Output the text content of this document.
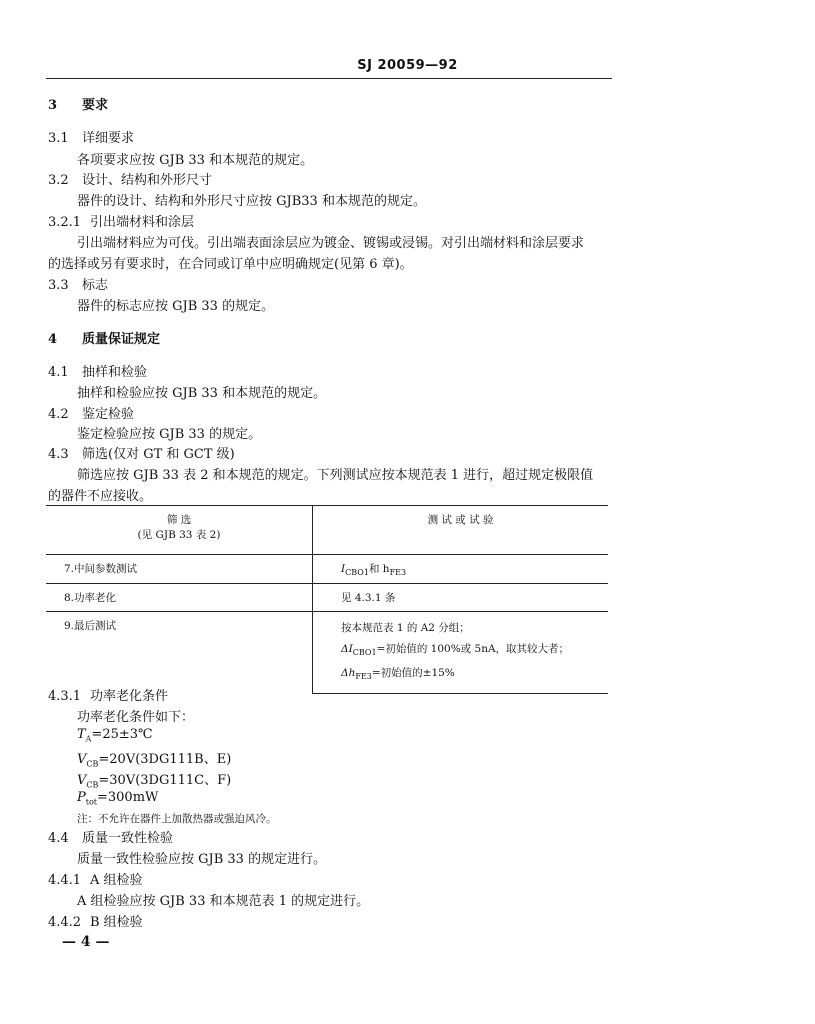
SJ 20059—92
3 要求
3.1 详细要求
各项要求应按 GJB 33 和本规范的规定。
3.2 设计、结构和外形尺寸
器件的设计、结构和外形尺寸应按 GJB33 和本规范的规定。
3.2.1 引出端材料和涂层
引出端材料应为可伐。引出端表面涂层应为镀金、镀锡或浸锡。对引出端材料和涂层要求
的选择或另有要求时，在合同或订单中应明确规定(见第 6 章)。
3.3 标志
器件的标志应按 GJB 33 的规定。
4 质量保证规定
4.1 抽样和检验
抽样和检验应按 GJB 33 和本规范的规定。
4.2 鉴定检验
鉴定检验应按 GJB 33 的规定。
4.3 筛选(仅对 GT 和 GCT 级)
筛选应按 GJB 33 表 2 和本规范的规定。下列测试应按本规范表 1 进行，超过规定极限值
的器件不应接收。
筛 选
(见 GJB 33 表 2)	测 试 或 试 验
7.中间参数测试	$I_{CBO1}$和 $h_{FE3}$
8.功率老化	见 4.3.1 条
9.最后测试	按本规范表 1 的 A2 分组；
$\Delta I_{CBO1}=$初始值的 100%或 5nA，取其较大者；
$\Delta h_{FE3}=$初始值的±15%
4.3.1 功率老化条件
功率老化条件如下：
$T_A=25\pm 3℃$
$V_{CB}=20V(3DG111B$、E)
$V_{CB}=30V(3DG111C$、F)
$P_{tot}=300mW$
注：不允许在器件上加散热器或强迫风冷。
4.4 质量一致性检验
质量一致性检验应按 GJB 33 的规定进行。
4.4.1 A 组检验
A 组检验应按 GJB 33 和本规范表 1 的规定进行。
4.4.2 B 组检验
— 4 —
